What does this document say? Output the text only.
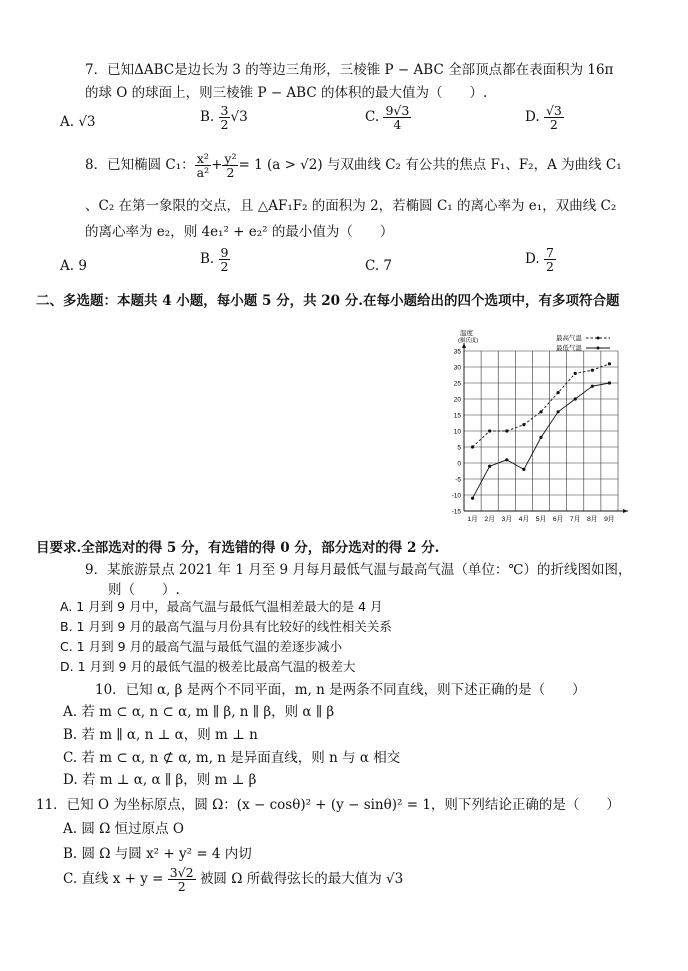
7．已知ΔABC是边长为 3 的等边三角形，三棱锥 P − ABC 全部顶点都在表面积为 16π
的球 O 的球面上，则三棱锥 P − ABC 的体积的最大值为（　　）.
A. √3	B. $\frac{3}{2} √3$	C. $\frac{9√3}{4}$	D. $\frac{√3}{2}$
8．已知椭圆 C₁： $\frac{\text{x²}}{\text{a²}} + \frac{\text{y²}}{2} = 1$ (a > √2) 与双曲线 C₂ 有公共的焦点 F₁、F₂，A 为曲线 C₁
、C₂ 在第一象限的交点，且 △AF₁F₂ 的面积为 2，若椭圆 C₁ 的离心率为 e₁，双曲线 C₂
的离心率为 e₂，则 4e₁² + e₂² 的最小值为（　　）
A. 9	B. $\frac{9}{2}$	C. 7	D. $\frac{7}{2}$
二、多选题：本题共 4 小题，每小题 5 分，共 20 分.在每小题给出的四个选项中，有多项符合题
-15
-10
-5
0
5
10
15
20
25
30
35
温度
(摄氏度)
1月 2月 3月 4月 5月 6月 7月 8月 9月
最高气温
最低气温
目要求.全部选对的得 5 分，有选错的得 0 分，部分选对的得 2 分.
9．某旅游景点 2021 年 1 月至 9 月每月最低气温与最高气温（单位：℃）的折线图如图，
则（　　）.
A. 1 月到 9 月中，最高气温与最低气温相差最大的是 4 月
B. 1 月到 9 月的最高气温与月份具有比较好的线性相关关系
C. 1 月到 9 月的最高气温与最低气温的差逐步减小
D. 1 月到 9 月的最低气温的极差比最高气温的极差大
10．已知 α, β 是两个不同平面，m, n 是两条不同直线，则下述正确的是（　　）
A. 若 m ⊂ α, n ⊂ α, m ∥ β, n ∥ β，则 α ∥ β
B. 若 m ∥ α, n ⊥ α，则 m ⊥ n
C. 若 m ⊂ α, n ⊄ α, m, n 是异面直线，则 n 与 α 相交
D. 若 m ⊥ α, α ∥ β，则 m ⊥ β
11．已知 O 为坐标原点，圆 Ω：(x − cosθ)² + (y − sinθ)² = 1，则下列结论正确的是（　　）
A. 圆 Ω 恒过原点 O
B. 圆 Ω 与圆 x² + y² = 4 内切
C. 直线 $x + y = \frac{3√2}{2}$ 被圆 Ω 所截得弦长的最大值为 √3
